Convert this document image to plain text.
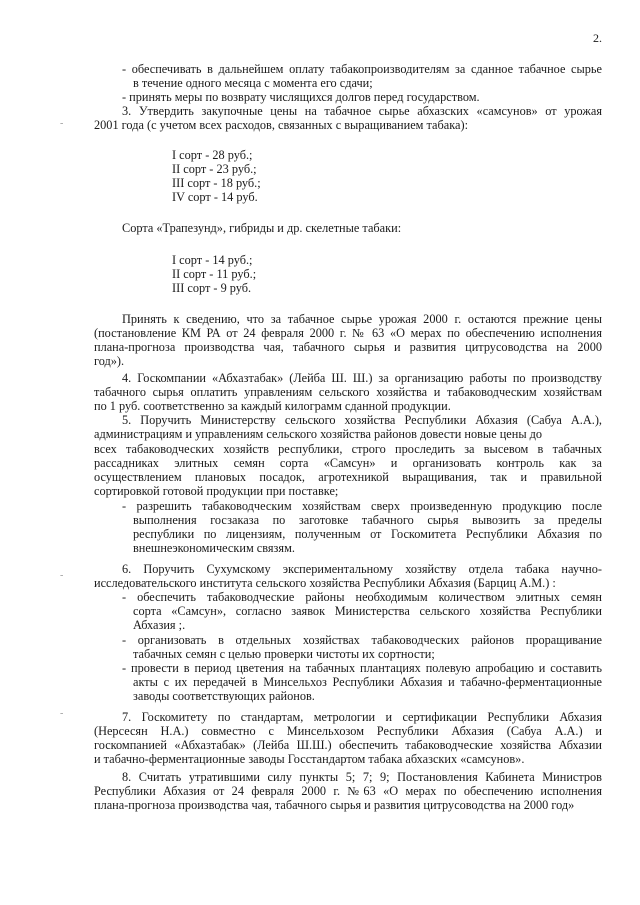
2.
- обеспечивать в дальнейшем оплату табакопроизводителям за сданное табачное сырье
в течение одного месяца с момента его сдачи;
- принять меры по возврату числящихся долгов перед государством.
3. Утвердить закупочные цены на табачное сырье абхазских «самсунов» от урожая
2001 года (с учетом всех расходов, связанных с выращиванием табака):
I сорт - 28 руб.;
II сорт - 23 руб.;
III сорт - 18 руб.;
IV сорт - 14 руб.
Сорта «Трапезунд», гибриды и др. скелетные табаки:
I сорт - 14 руб.;
II сорт - 11 руб.;
III сорт - 9 руб.
Принять к сведению, что за табачное сырье урожая 2000 г. остаются прежние цены
(постановление КМ РА от 24 февраля 2000 г. № 63 «О мерах по обеспечению исполнения
плана-прогноза производства чая, табачного сырья и развития цитрусоводства на 2000
год»).
4. Госкомпании «Абхазтабак» (Лейба Ш. Ш.) за организацию работы по производству
табачного сырья оплатить управлениям сельского хозяйства и табаководческим хозяйствам
по 1 руб. соответственно за каждый килограмм сданной продукции.
5. Поручить Министерству сельского хозяйства Республики Абхазия (Сабуа А.А.),
администрациям и управлениям сельского хозяйства районов довести новые цены до
всех табаководческих хозяйств республики, строго проследить за высевом в табачных
рассадниках элитных семян сорта «Самсун» и организовать контроль как за
осуществлением плановых посадок, агротехникой выращивания, так и правильной
сортировкой готовой продукции при поставке;
- разрешить табаководческим хозяйствам сверх произведенную продукцию после
выполнения госзаказа по заготовке табачного сырья вывозить за пределы
республики по лицензиям, полученным от Госкомитета Республики Абхазия по
внешнеэкономическим связям.
6. Поручить Сухумскому экспериментальному хозяйству отдела табака научно-
исследовательского института сельского хозяйства Республики Абхазия (Барциц А.М.) :
- обеспечить табаководческие районы необходимым количеством элитных семян
сорта «Самсун», согласно заявок Министерства сельского хозяйства Республики
Абхазия ;.
- организовать в отдельных хозяйствах табаководческих районов проращивание
табачных семян с целью проверки чистоты их сортности;
- провести в период цветения на табачных плантациях полевую апробацию и составить
акты с их передачей в Минсельхоз Республики Абхазия и табачно-ферментационные
заводы соответствующих районов.
7. Госкомитету по стандартам, метрологии и сертификации Республики Абхазия
(Нерсесян Н.А.) совместно с Минсельхозом Республики Абхазия (Сабуа А.А.) и
госкомпанией «Абхазтабак» (Лейба Ш.Ш.) обеспечить табаководческие хозяйства Абхазии
и табачно-ферментационные заводы Госстандартом табака абхазских «самсунов».
8. Считать утратившими силу пункты 5; 7; 9; Постановления Кабинета Министров
Республики Абхазия от 24 февраля 2000 г. №63 «О мерах по обеспечению исполнения
плана-прогноза производства чая, табачного сырья и развития цитрусоводства на 2000 год»
‑
‑
‑
